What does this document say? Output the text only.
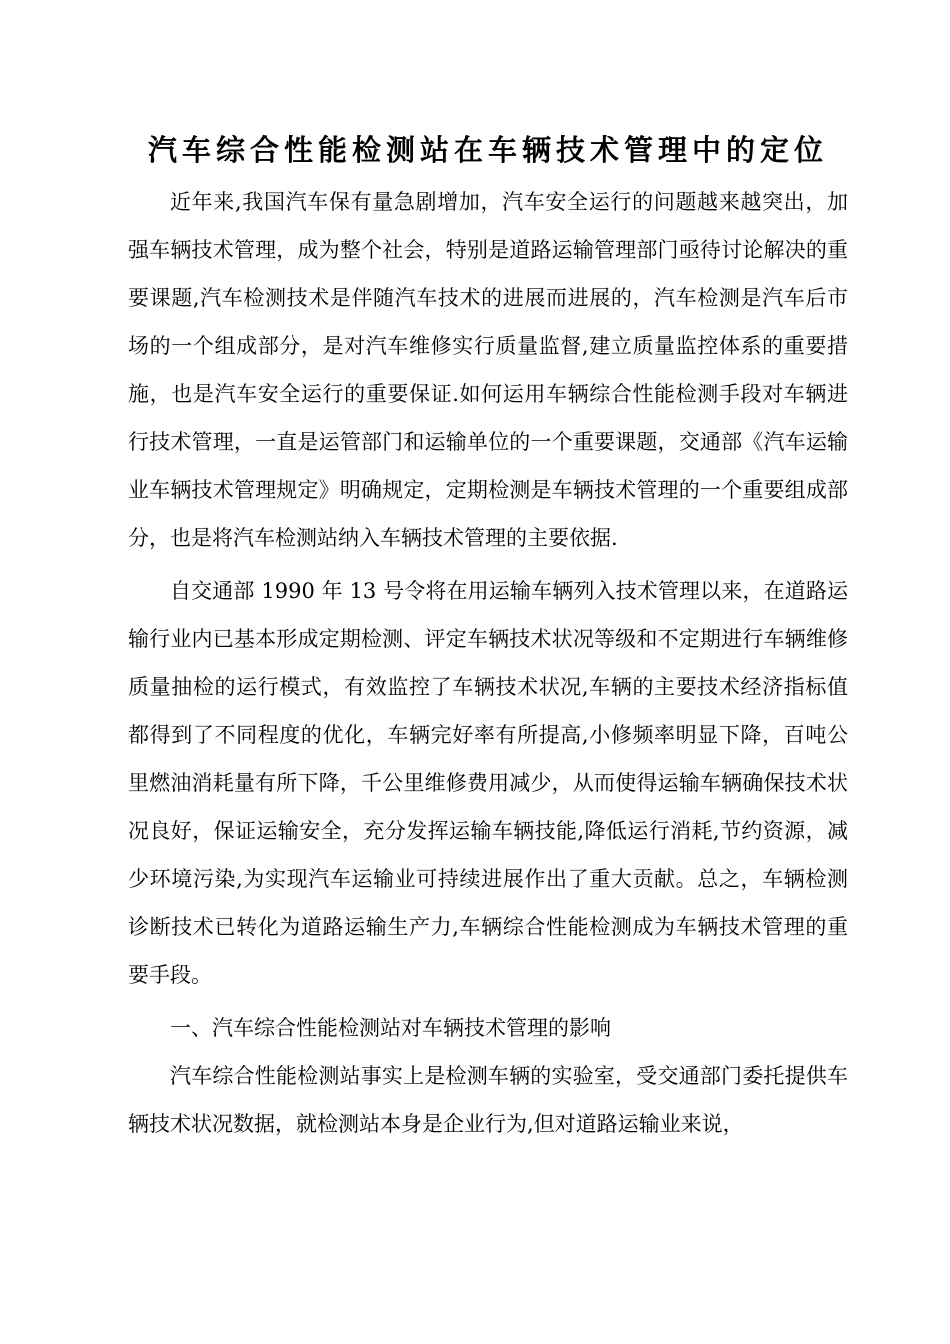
汽车综合性能检测站在车辆技术管理中的定位

近年来,我国汽车保有量急剧增加，汽车安全运行的问题越来越突出，加强车辆技术管理，成为整个社会，特别是道路运输管理部门亟待讨论解决的重要课题,汽车检测技术是伴随汽车技术的进展而进展的，汽车检测是汽车后市场的一个组成部分，是对汽车维修实行质量监督,建立质量监控体系的重要措施，也是汽车安全运行的重要保证.如何运用车辆综合性能检测手段对车辆进行技术管理，一直是运管部门和运输单位的一个重要课题，交通部《汽车运输业车辆技术管理规定》明确规定，定期检测是车辆技术管理的一个重要组成部分，也是将汽车检测站纳入车辆技术管理的主要依据.

自交通部 1990 年 13 号令将在用运输车辆列入技术管理以来，在道路运输行业内已基本形成定期检测、评定车辆技术状况等级和不定期进行车辆维修质量抽检的运行模式，有效监控了车辆技术状况,车辆的主要技术经济指标值都得到了不同程度的优化，车辆完好率有所提高,小修频率明显下降，百吨公里燃油消耗量有所下降，千公里维修费用减少，从而使得运输车辆确保技术状况良好，保证运输安全，充分发挥运输车辆技能,降低运行消耗,节约资源，减少环境污染,为实现汽车运输业可持续进展作出了重大贡献。总之，车辆检测诊断技术已转化为道路运输生产力,车辆综合性能检测成为车辆技术管理的重要手段。

一、汽车综合性能检测站对车辆技术管理的影响

汽车综合性能检测站事实上是检测车辆的实验室，受交通部门委托提供车辆技术状况数据，就检测站本身是企业行为,但对道路运输业来说，
